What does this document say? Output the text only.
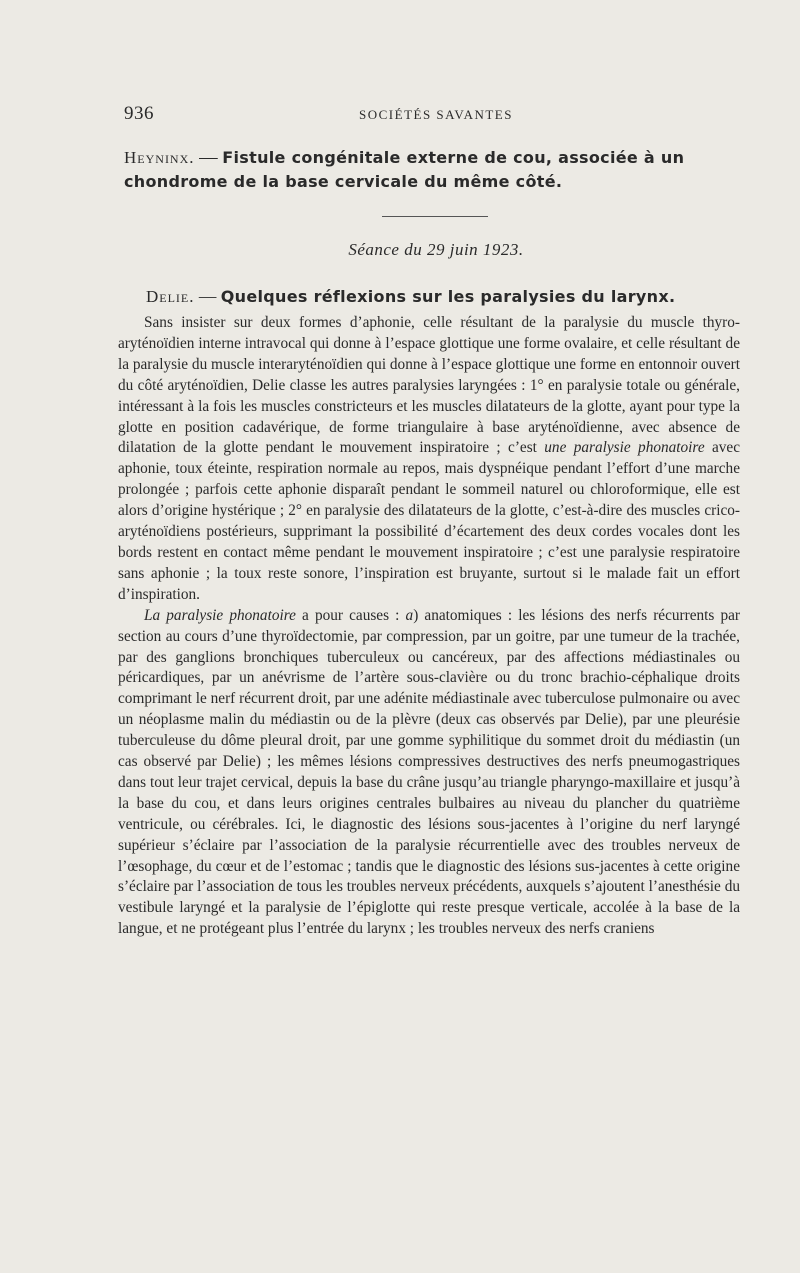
936	SOCIÉTÉS SAVANTES
Heyninx. — Fistule congénitale externe de cou, associée à un chondrome de la base cervicale du même côté.
Séance du 29 juin 1923.
Delie. — Quelques réflexions sur les paralysies du larynx.

Sans insister sur deux formes d’aphonie, celle résultant de la paralysie du muscle thyro-aryténoïdien interne intravocal qui donne à l’espace glottique une forme ovalaire, et celle résultant de la paralysie du muscle interaryténoïdien qui donne à l’espace glottique une forme en entonnoir ouvert du côté aryténoïdien, Delie classe les autres paralysies laryngées : 1° en paralysie totale ou générale, intéressant à la fois les muscles constricteurs et les muscles dilatateurs de la glotte, ayant pour type la glotte en position cadavérique, de forme triangulaire à base aryténoïdienne, avec absence de dilatation de la glotte pendant le mouvement inspiratoire ; c’est une paralysie phonatoire avec aphonie, toux éteinte, respiration normale au repos, mais dyspnéique pendant l’effort d’une marche prolongée ; parfois cette aphonie disparaît pendant le sommeil naturel ou chloroformique, elle est alors d’origine hystérique ; 2° en paralysie des dilatateurs de la glotte, c’est-à-dire des muscles crico-aryténoïdiens postérieurs, supprimant la possibilité d’écartement des deux cordes vocales dont les bords restent en contact même pendant le mouvement inspiratoire ; c’est une paralysie respiratoire sans aphonie ; la toux reste sonore, l’inspiration est bruyante, surtout si le malade fait un effort d’inspiration.

La paralysie phonatoire a pour causes : a) anatomiques : les lésions des nerfs récurrents par section au cours d’une thyroïdectomie, par compression, par un goitre, par une tumeur de la trachée, par des ganglions bronchiques tuberculeux ou cancéreux, par des affections médiastinales ou péricardiques, par un anévrisme de l’artère sous-clavière ou du tronc brachio-céphalique droits comprimant le nerf récurrent droit, par une adénite médiastinale avec tuberculose pulmonaire ou avec un néoplasme malin du médiastin ou de la plèvre (deux cas observés par Delie), par une pleurésie tuberculeuse du dôme pleural droit, par une gomme syphilitique du sommet droit du médiastin (un cas observé par Delie) ; les mêmes lésions compressives destructives des nerfs pneumogastriques dans tout leur trajet cervical, depuis la base du crâne jusqu’au triangle pharyngo-maxillaire et jusqu’à la base du cou, et dans leurs origines centrales bulbaires au niveau du plancher du quatrième ventricule, ou cérébrales. Ici, le diagnostic des lésions sous-jacentes à l’origine du nerf laryngé supérieur s’éclaire par l’association de la paralysie récurrentielle avec des troubles nerveux de l’œsophage, du cœur et de l’estomac ; tandis que le diagnostic des lésions sus-jacentes à cette origine s’éclaire par l’association de tous les troubles nerveux précédents, auxquels s’ajoutent l’anesthésie du vestibule laryngé et la paralysie de l’épiglotte qui reste presque verticale, accolée à la base de la langue, et ne protégeant plus l’entrée du larynx ; les troubles nerveux des nerfs craniens
